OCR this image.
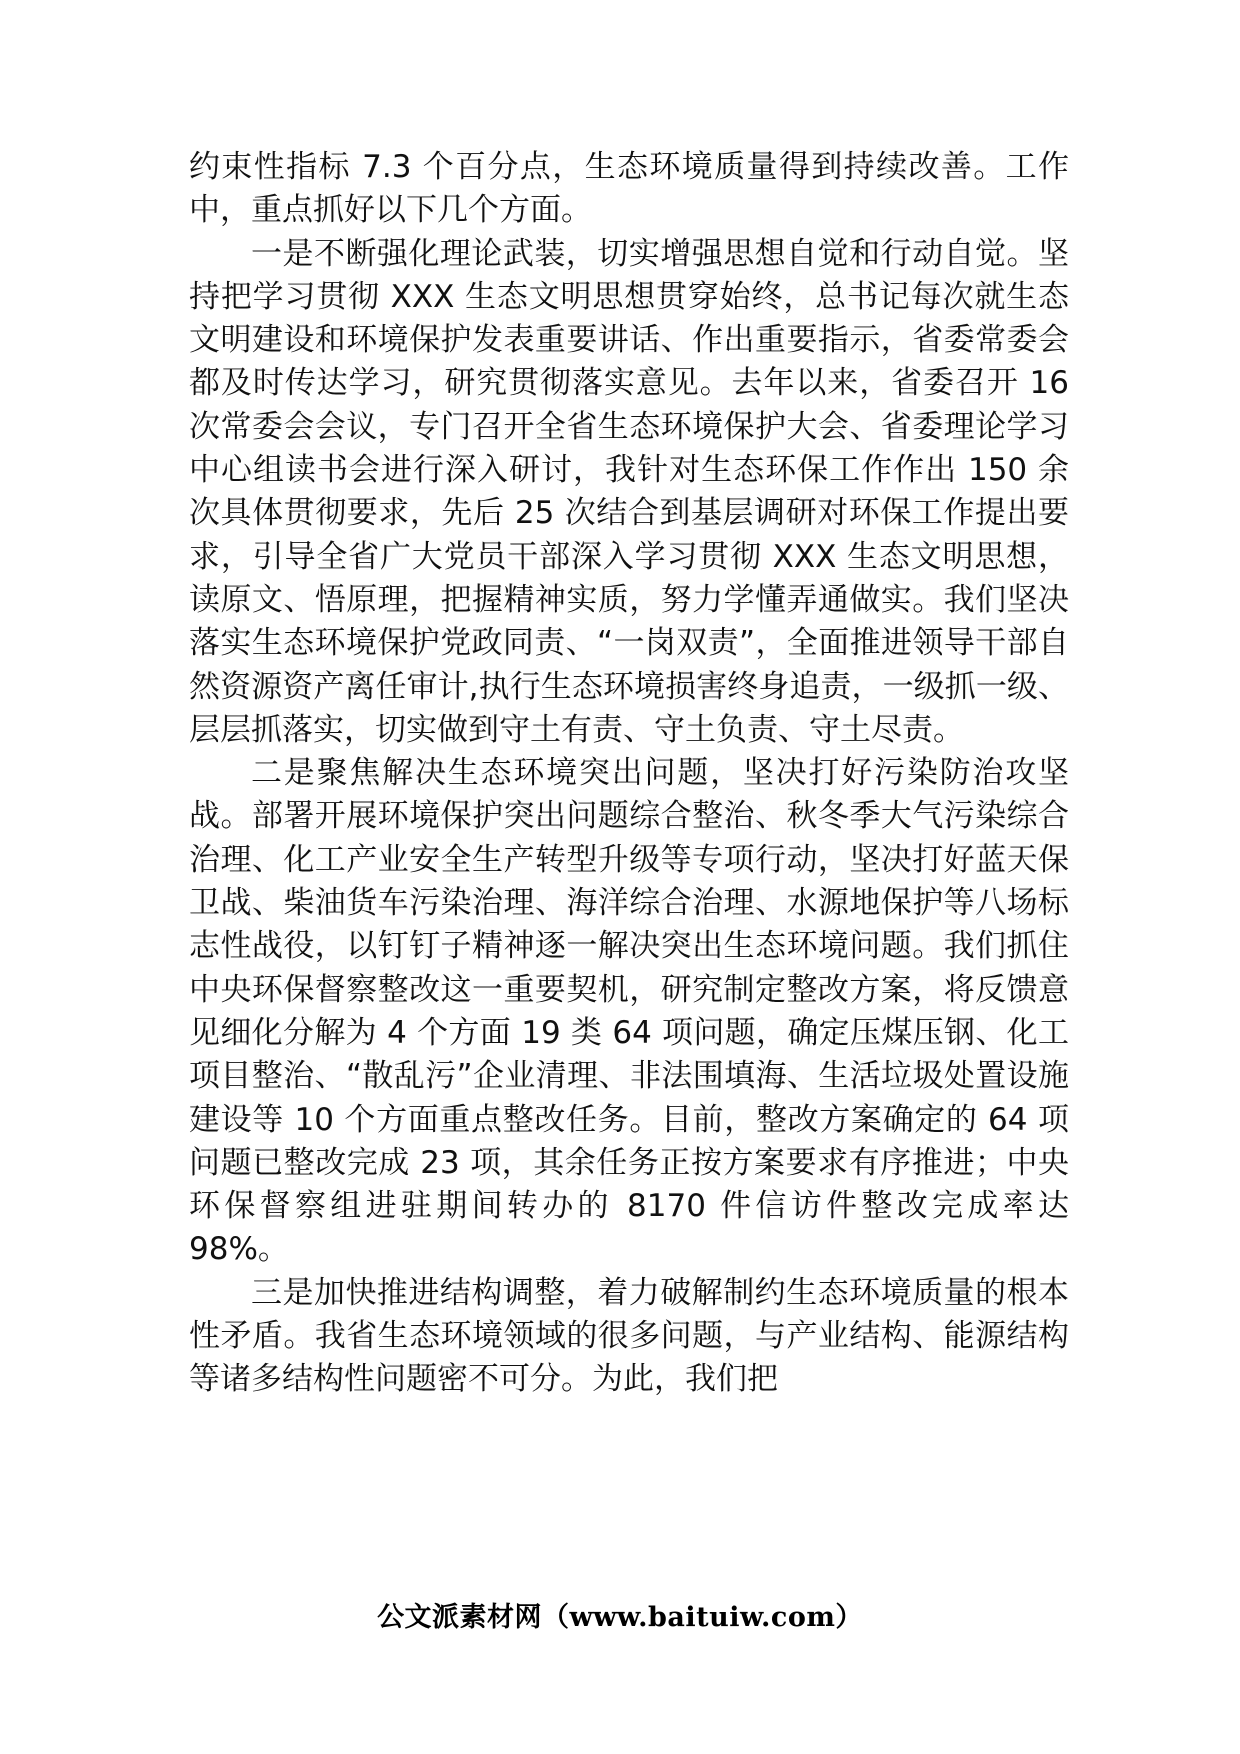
约束性指标 7.3 个百分点，生态环境质量得到持续改善。工作中，重点抓好以下几个方面。

一是不断强化理论武装，切实增强思想自觉和行动自觉。坚持把学习贯彻 XXX 生态文明思想贯穿始终，总书记每次就生态文明建设和环境保护发表重要讲话、作出重要指示，省委常委会都及时传达学习，研究贯彻落实意见。去年以来，省委召开 16 次常委会会议，专门召开全省生态环境保护大会、省委理论学习中心组读书会进行深入研讨，我针对生态环保工作作出 150 余次具体贯彻要求，先后 25 次结合到基层调研对环保工作提出要求，引导全省广大党员干部深入学习贯彻 XXX 生态文明思想，读原文、悟原理，把握精神实质，努力学懂弄通做实。我们坚决落实生态环境保护党政同责、“一岗双责”，全面推进领导干部自然资源资产离任审计,执行生态环境损害终身追责，一级抓一级、层层抓落实，切实做到守土有责、守土负责、守土尽责。

二是聚焦解决生态环境突出问题，坚决打好污染防治攻坚战。部署开展环境保护突出问题综合整治、秋冬季大气污染综合治理、化工产业安全生产转型升级等专项行动，坚决打好蓝天保卫战、柴油货车污染治理、海洋综合治理、水源地保护等八场标志性战役，以钉钉子精神逐一解决突出生态环境问题。我们抓住中央环保督察整改这一重要契机，研究制定整改方案，将反馈意见细化分解为 4 个方面 19 类 64 项问题，确定压煤压钢、化工项目整治、“散乱污”企业清理、非法围填海、生活垃圾处置设施建设等 10 个方面重点整改任务。目前，整改方案确定的 64 项问题已整改完成 23 项，其余任务正按方案要求有序推进；中央环保督察组进驻期间转办的 8170 件信访件整改完成率达 98%。

三是加快推进结构调整，着力破解制约生态环境质量的根本性矛盾。我省生态环境领域的很多问题，与产业结构、能源结构等诸多结构性问题密不可分。为此，我们把

公文派素材网（www.baituiw.com）
